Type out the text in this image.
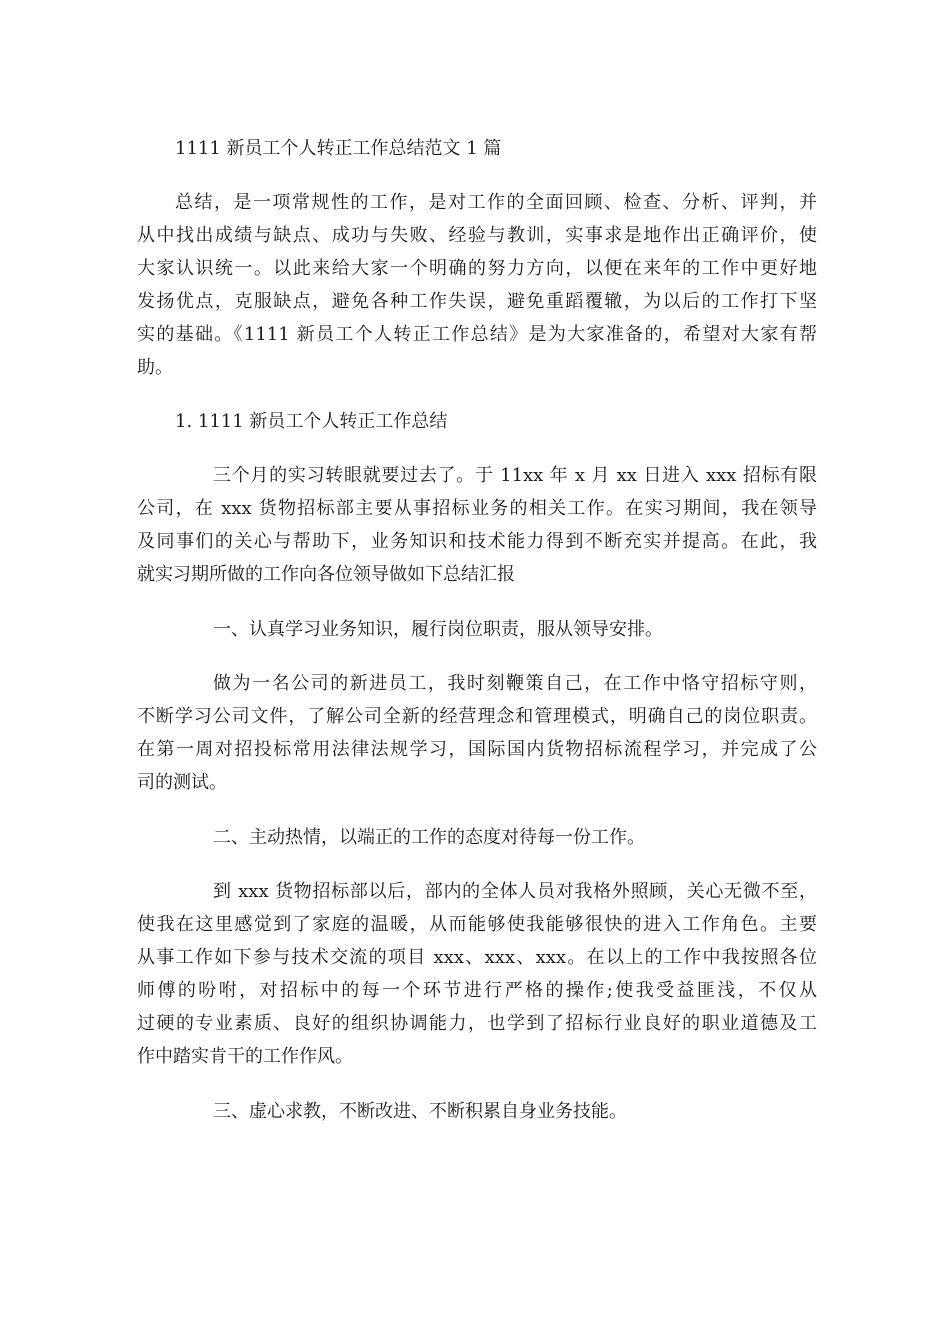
1111 新员工个人转正工作总结范文 1 篇
总结，是一项常规性的工作，是对工作的全面回顾、检查、分析、评判，并
从中找出成绩与缺点、成功与失败、经验与教训，实事求是地作出正确评价，使
大家认识统一。以此来给大家一个明确的努力方向，以便在来年的工作中更好地
发扬优点，克服缺点，避免各种工作失误，避免重蹈覆辙，为以后的工作打下坚
实的基础。《1111 新员工个人转正工作总结》是为大家准备的，希望对大家有帮
助。
1. 1111 新员工个人转正工作总结
三个月的实习转眼就要过去了。于 11xx 年 x 月 xx 日进入 xxx 招标有限
公司，在 xxx 货物招标部主要从事招标业务的相关工作。在实习期间，我在领导
及同事们的关心与帮助下，业务知识和技术能力得到不断充实并提高。在此，我
就实习期所做的工作向各位领导做如下总结汇报
一、认真学习业务知识，履行岗位职责，服从领导安排。
做为一名公司的新进员工，我时刻鞭策自己，在工作中恪守招标守则，
不断学习公司文件，了解公司全新的经营理念和管理模式，明确自己的岗位职责。
在第一周对招投标常用法律法规学习，国际国内货物招标流程学习，并完成了公
司的测试。
二、主动热情，以端正的工作的态度对待每一份工作。
到 xxx 货物招标部以后，部内的全体人员对我格外照顾，关心无微不至，
使我在这里感觉到了家庭的温暖，从而能够使我能够很快的进入工作角色。主要
从事工作如下参与技术交流的项目 xxx、xxx、xxx。在以上的工作中我按照各位
师傅的吩咐，对招标中的每一个环节进行严格的操作;使我受益匪浅，不仅从
过硬的专业素质、良好的组织协调能力，也学到了招标行业良好的职业道德及工
作中踏实肯干的工作作风。
三、虚心求教，不断改进、不断积累自身业务技能。
